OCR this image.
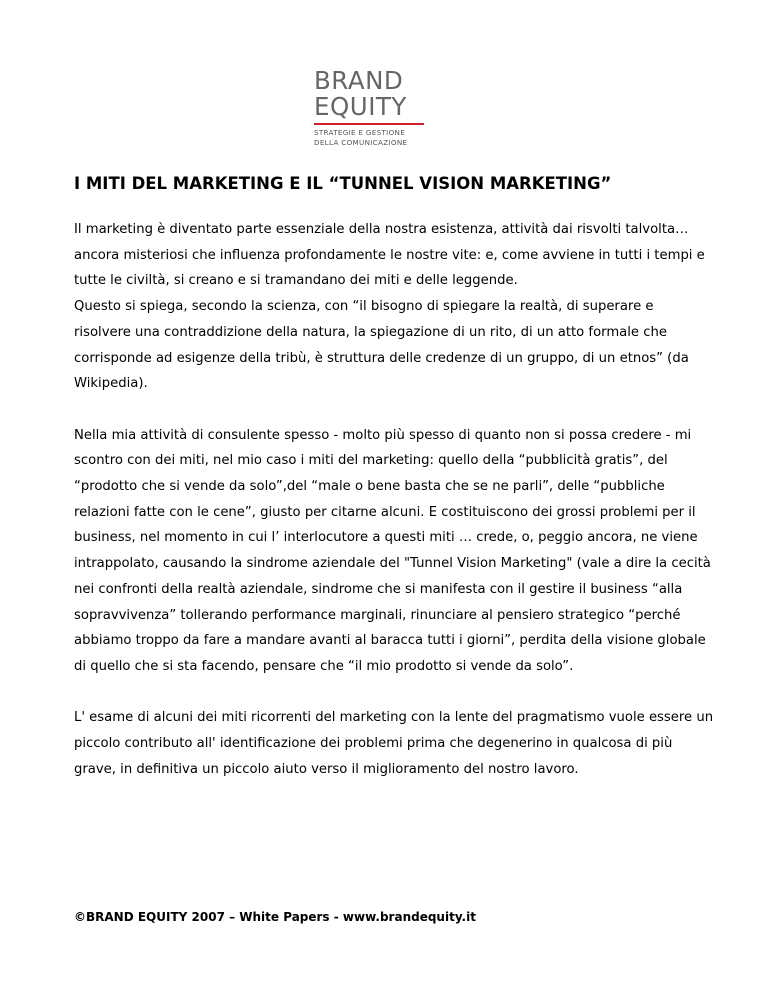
BRAND
EQUITY
STRATEGIE E GESTIONE
DELLA COMUNICAZIONE
I MITI DEL MARKETING E IL “TUNNEL VISION MARKETING”

Il marketing è diventato parte essenziale della nostra esistenza, attività dai risvolti talvolta…ancora misteriosi che influenza profondamente le nostre vite: e, come avviene in tutti i tempi e tutte le civiltà, si creano e si tramandano dei miti e delle leggende.
Questo si spiega, secondo la scienza, con “il bisogno di spiegare la realtà, di superare e risolvere una contraddizione della natura, la spiegazione di un rito, di un atto formale che corrisponde ad esigenze della tribù, è struttura delle credenze di un gruppo, di un etnos” (da Wikipedia).

Nella mia attività di consulente spesso - molto più spesso di quanto non si possa credere - mi scontro con dei miti, nel mio caso i miti del marketing: quello della “pubblicità gratis”, del “prodotto che si vende da solo”,del “male o bene basta che se ne parli”, delle “pubbliche relazioni fatte con le cene”, giusto per citarne alcuni. E costituiscono dei grossi problemi per il business, nel momento in cui l’ interlocutore a questi miti … crede, o, peggio ancora, ne viene intrappolato, causando la sindrome aziendale del "Tunnel Vision Marketing" (vale a dire la cecità nei confronti della realtà aziendale, sindrome che si manifesta con il gestire il business “alla sopravvivenza” tollerando performance marginali, rinunciare al pensiero strategico “perché abbiamo troppo da fare a mandare avanti al baracca tutti i giorni”, perdita della visione globale di quello che si sta facendo, pensare che “il mio prodotto si vende da solo”.

L' esame di alcuni dei miti ricorrenti del marketing con la lente del pragmatismo vuole essere un piccolo contributo all' identificazione dei problemi prima che degenerino in qualcosa di più grave, in definitiva un piccolo aiuto verso il miglioramento del nostro lavoro.

©BRAND EQUITY 2007 – White Papers - www.brandequity.it
